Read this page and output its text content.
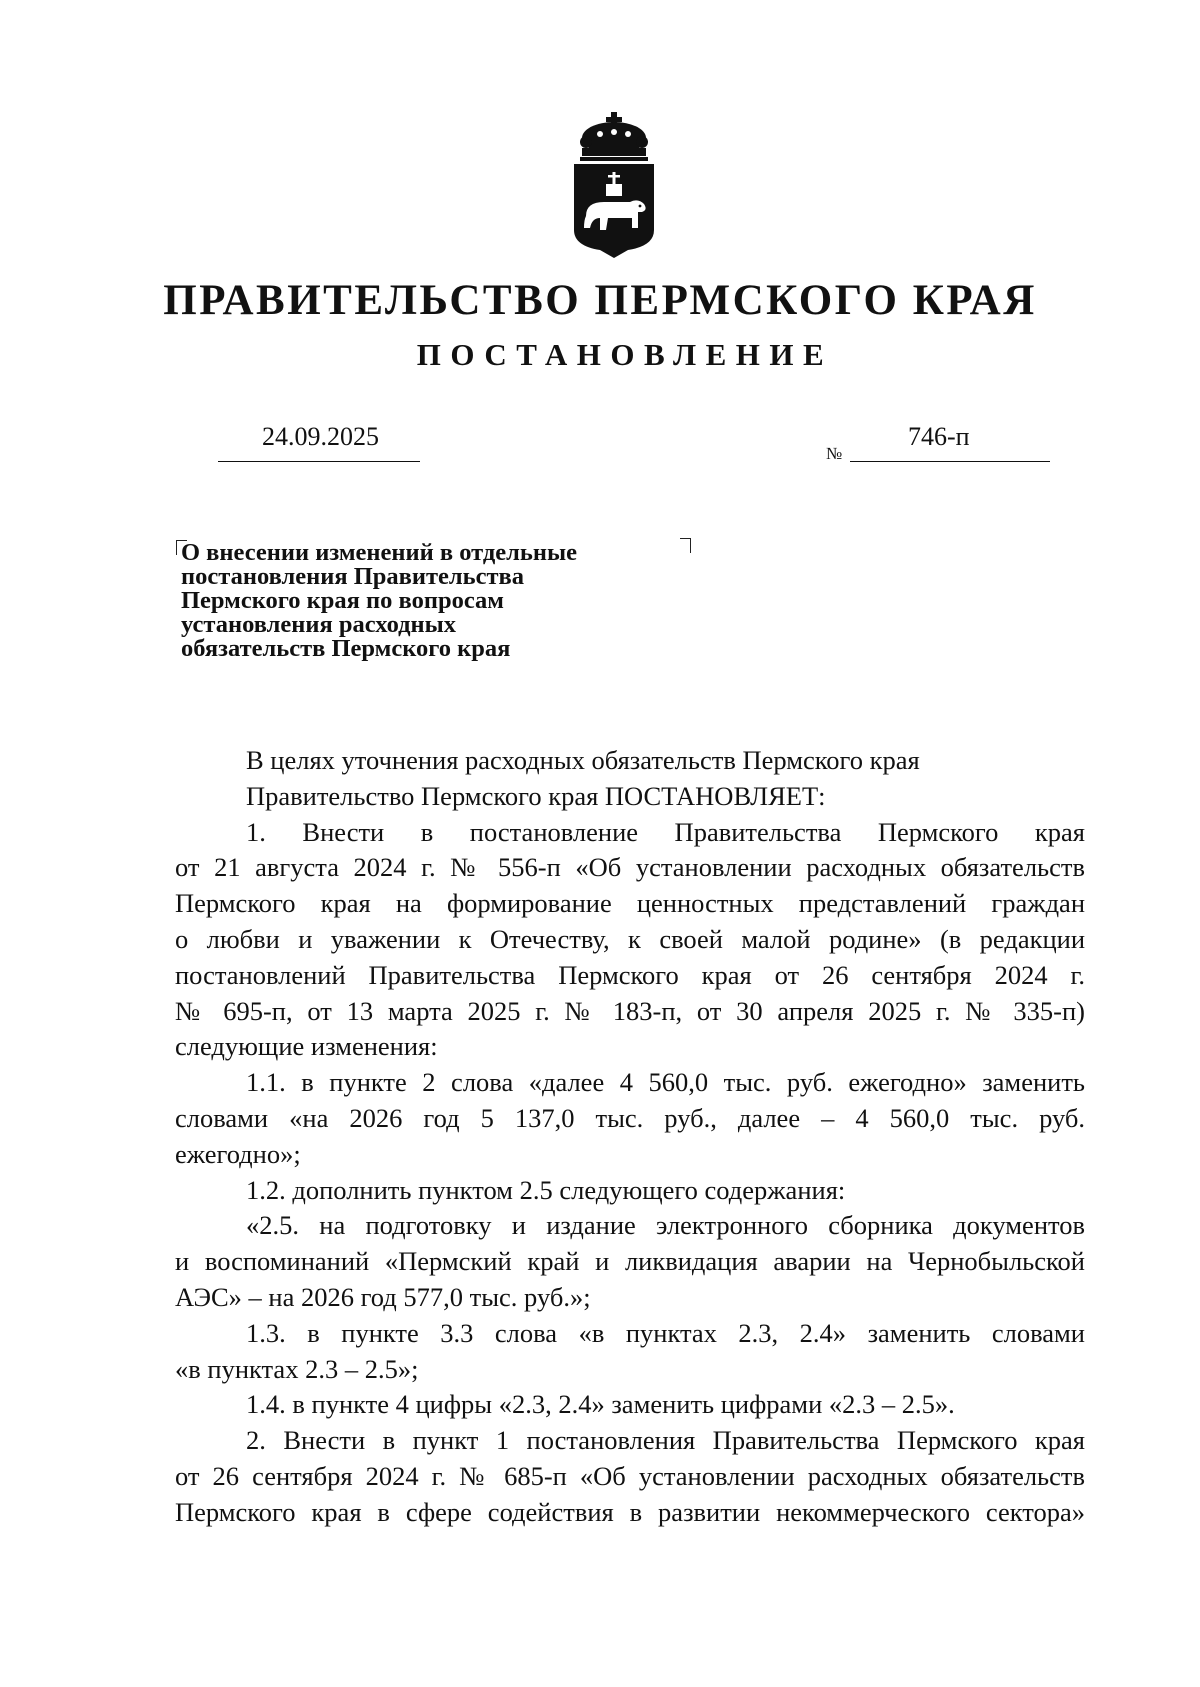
ПРАВИТЕЛЬСТВО ПЕРМСКОГО КРАЯ
ПОСТАНОВЛЕНИЕ
24.09.2025
№
746-п
О внесении изменений в отдельные
постановления Правительства
Пермского края по вопросам
установления расходных
обязательств Пермского края

В целях уточнения расходных обязательств Пермского края

Правительство Пермского края ПОСТАНОВЛЯЕТ:

1. Внести в постановление Правительства Пермского края

от 21 августа 2024 г. № 556-п «Об установлении расходных обязательств

Пермского края на формирование ценностных представлений граждан

о любви и уважении к Отечеству, к своей малой родине» (в редакции

постановлений Правительства Пермского края от 26 сентября 2024 г.

№ 695-п, от 13 марта 2025 г. № 183-п, от 30 апреля 2025 г. № 335-п)

следующие изменения:

1.1. в пункте 2 слова «далее 4 560,0 тыс. руб. ежегодно» заменить

словами «на 2026 год 5 137,0 тыс. руб., далее – 4 560,0 тыс. руб.

ежегодно»;

1.2. дополнить пунктом 2.5 следующего содержания:

«2.5. на подготовку и издание электронного сборника документов

и воспоминаний «Пермский край и ликвидация аварии на Чернобыльской

АЭС» – на 2026 год 577,0 тыс. руб.»;

1.3. в пункте 3.3 слова «в пунктах 2.3, 2.4» заменить словами

«в пунктах 2.3 – 2.5»;

1.4. в пункте 4 цифры «2.3, 2.4» заменить цифрами «2.3 – 2.5».

2. Внести в пункт 1 постановления Правительства Пермского края

от 26 сентября 2024 г. № 685-п «Об установлении расходных обязательств

Пермского края в сфере содействия в развитии некоммерческого сектора»
